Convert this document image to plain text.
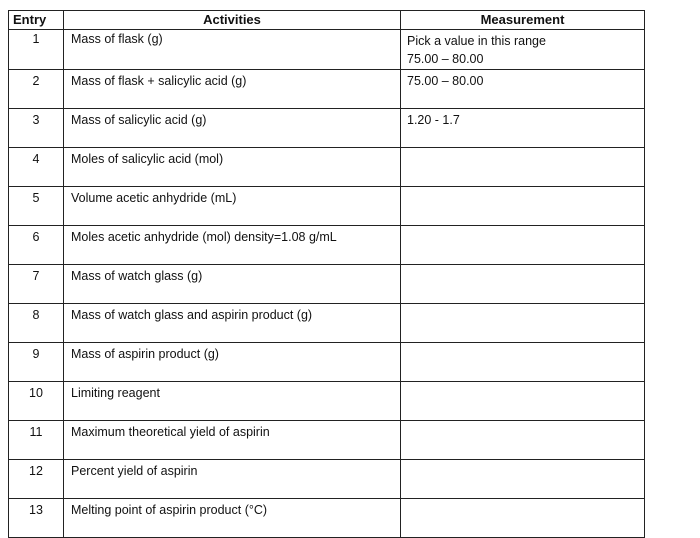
Entry	Activities	Measurement
1	Mass of flask (g)	Pick a value in this range
75.00 – 80.00

2	Mass of flask + salicylic acid (g)	75.00 – 80.00

3	Mass of salicylic acid (g)	1.20 - 1.7

4	Moles of salicylic acid (mol)	
5	Volume acetic anhydride (mL)	
6	Moles acetic anhydride (mol) density=1.08 g/mL	
7	Mass of watch glass (g)	
8	Mass of watch glass and aspirin product (g)	
9	Mass of aspirin product (g)	
10	Limiting reagent	
11	Maximum theoretical yield of aspirin	
12	Percent yield of aspirin	
13	Melting point of aspirin product (°C)	
